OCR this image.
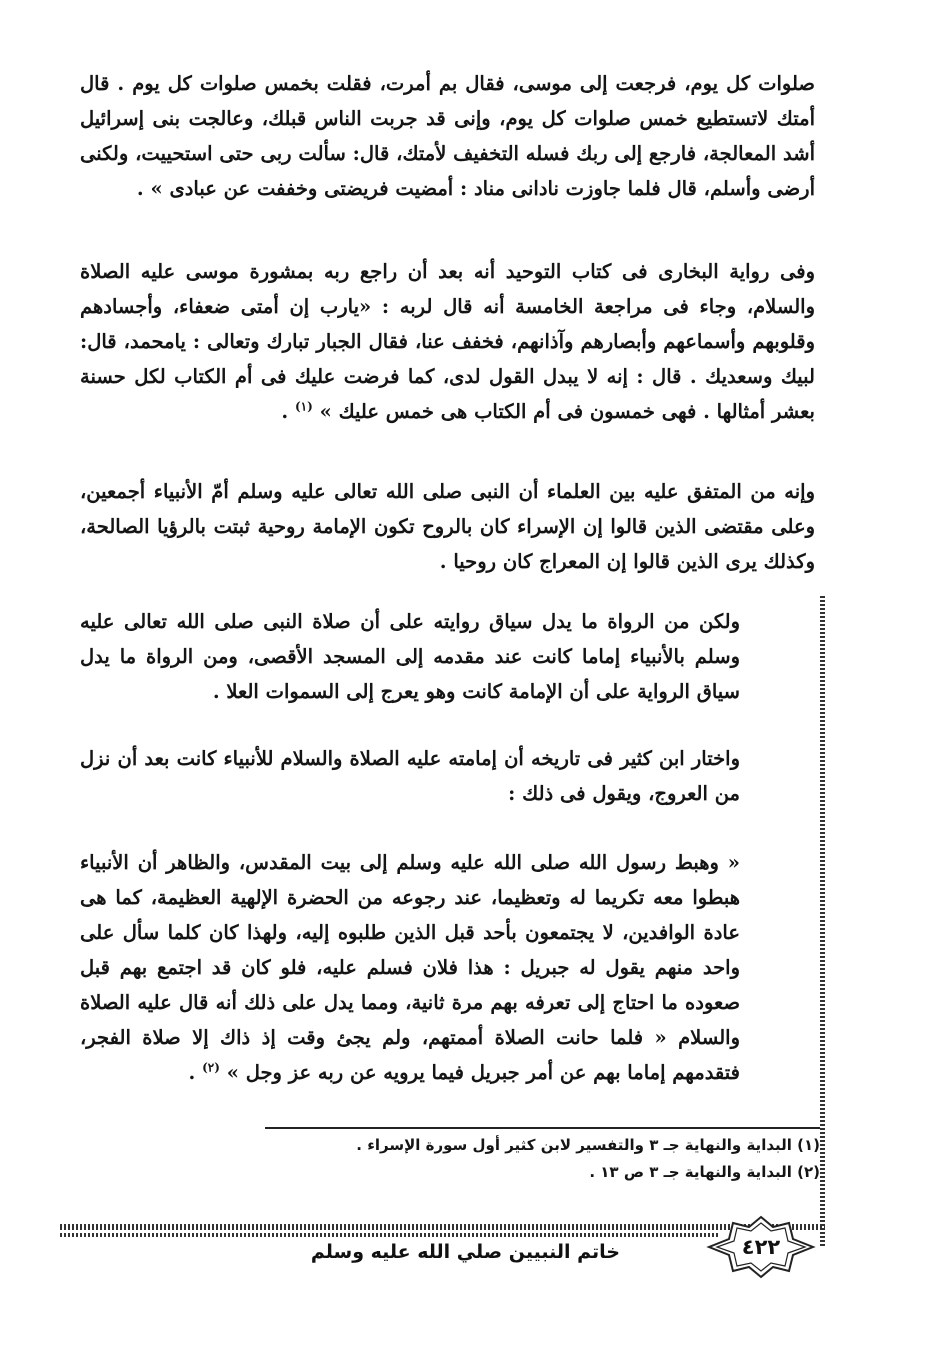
صلوات كل يوم، فرجعت إلى موسى، فقال بم أمرت، فقلت بخمس صلوات كل يوم . قال أمتك لاتستطيع خمس صلوات كل يوم، وإنى قد جربت الناس قبلك، وعالجت بنى إسرائيل أشد المعالجة، فارجع إلى ربك فسله التخفيف لأمتك، قال: سألت ربى حتى استحييت، ولكنى أرضى وأسلم، قال فلما جاوزت نادانى مناد : أمضيت فريضتى وخففت عن عبادى » .

وفى رواية البخارى فى كتاب التوحيد أنه بعد أن راجع ربه بمشورة موسى عليه الصلاة والسلام، وجاء فى مراجعة الخامسة أنه قال لربه : «يارب إن أمتى ضعفاء، وأجسادهم وقلوبهم وأسماعهم وأبصارهم وآذانهم، فخفف عنا، فقال الجبار تبارك وتعالى : يامحمد، قال: لبيك وسعديك . قال : إنه لا يبدل القول لدى، كما فرضت عليك فى أم الكتاب لكل حسنة بعشر أمثالها . فهى خمسون فى أم الكتاب هى خمس عليك » $^{(١)}$ .

وإنه من المتفق عليه بين العلماء أن النبى صلى الله تعالى عليه وسلم أمّ الأنبياء أجمعين، وعلى مقتضى الذين قالوا إن الإسراء كان بالروح تكون الإمامة روحية ثبتت بالرؤيا الصالحة، وكذلك يرى الذين قالوا إن المعراج كان روحيا .

ولكن من الرواة ما يدل سياق روايته على أن صلاة النبى صلى الله تعالى عليه وسلم بالأنبياء إماما كانت عند مقدمه إلى المسجد الأقصى، ومن الرواة ما يدل سياق الرواية على أن الإمامة كانت وهو يعرج إلى السموات العلا .

واختار ابن كثير فى تاريخه أن إمامته عليه الصلاة والسلام للأنبياء كانت بعد أن نزل من العروج، ويقول فى ذلك :

« وهبط رسول الله صلى الله عليه وسلم إلى بيت المقدس، والظاهر أن الأنبياء هبطوا معه تكريما له وتعظيما، عند رجوعه من الحضرة الإلهية العظيمة، كما هى عادة الوافدين، لا يجتمعون بأحد قبل الذين طلبوه إليه، ولهذا كان كلما سأل على واحد منهم يقول له جبريل : هذا فلان فسلم عليه، فلو كان قد اجتمع بهم قبل صعوده ما احتاج إلى تعرفه بهم مرة ثانية، ومما يدل على ذلك أنه قال عليه الصلاة والسلام « فلما حانت الصلاة أممتهم، ولم يجئ وقت إذ ذاك إلا صلاة الفجر، فتقدمهم إماما بهم عن أمر جبريل فيما يرويه عن ربه عز وجل » $^{(٢)}$ .

(١) البداية والنهاية جـ ٣ والتفسير لابن كثير أول سورة الإسراء .
(٢) البداية والنهاية جـ ٣ ص ١٣ .
٤٢٢
خاتم النبيين صلي الله عليه وسلم
